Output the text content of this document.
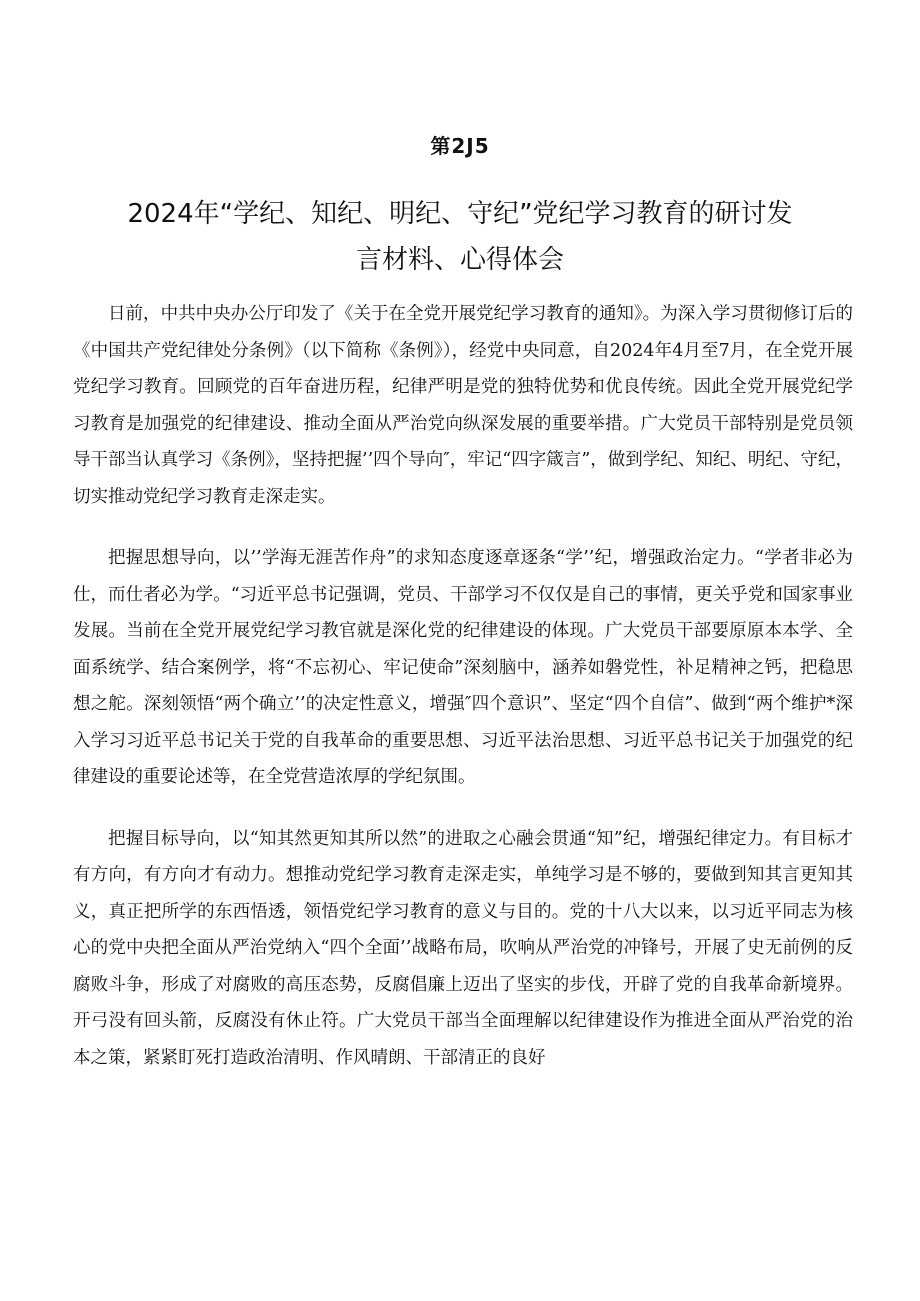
第2J5
2024年“学纪、知纪、明纪、守纪”党纪学习教育的研讨发
言材料、心得体会

日前，中共中央办公厅印发了《关于在全党开展党纪学习教育的通知》。为深入学习贯彻修订后的《中国共产党纪律处分条例》（以下简称《条例》），经党中央同意，自2024年4月至7月，在全党开展党纪学习教育。回顾党的百年奋进历程，纪律严明是党的独特优势和优良传统。因此全党开展党纪学习教育是加强党的纪律建设、推动全面从严治党向纵深发展的重要举措。广大党员干部特别是党员领导干部当认真学习《条例》，坚持把握’’四个导向″，牢记“四字箴言”，做到学纪、知纪、明纪、守纪，切实推动党纪学习教育走深走实。

把握思想导向，以’’学海无涯苦作舟”的求知态度逐章逐条“学’’纪，增强政治定力。“学者非必为仕，而仕者必为学。“习近平总书记强调，党员、干部学习不仅仅是自己的事情，更关乎党和国家事业发展。当前在全党开展党纪学习教官就是深化党的纪律建设的体现。广大党员干部要原原本本学、全面系统学、结合案例学，将“不忘初心、牢记使命”深刻脑中，涵养如磐党性，补足精神之钙，把稳思想之舵。深刻领悟“两个确立’’的决定性意义，增强″四个意识”、坚定“四个自信”、做到“两个维护*深入学习习近平总书记关于党的自我革命的重要思想、习近平法治思想、习近平总书记关于加强党的纪律建设的重要论述等，在全党营造浓厚的学纪氛围。

把握目标导向，以“知其然更知其所以然”的进取之心融会贯通“知”纪，增强纪律定力。有目标才有方向，有方向才有动力。想推动党纪学习教育走深走实，单纯学习是不够的，要做到知其言更知其义，真正把所学的东西悟透，领悟党纪学习教育的意义与目的。党的十八大以来，以习近平同志为核心的党中央把全面从严治党纳入“四个全面’’战略布局，吹响从严治党的冲锋号，开展了史无前例的反腐败斗争，形成了对腐败的高压态势，反腐倡廉上迈出了坚实的步伐，开辟了党的自我革命新境界。开弓没有回头箭，反腐没有休止符。广大党员干部当全面理解以纪律建设作为推进全面从严治党的治本之策，紧紧盯死打造政治清明、作风晴朗、干部清正的良好
